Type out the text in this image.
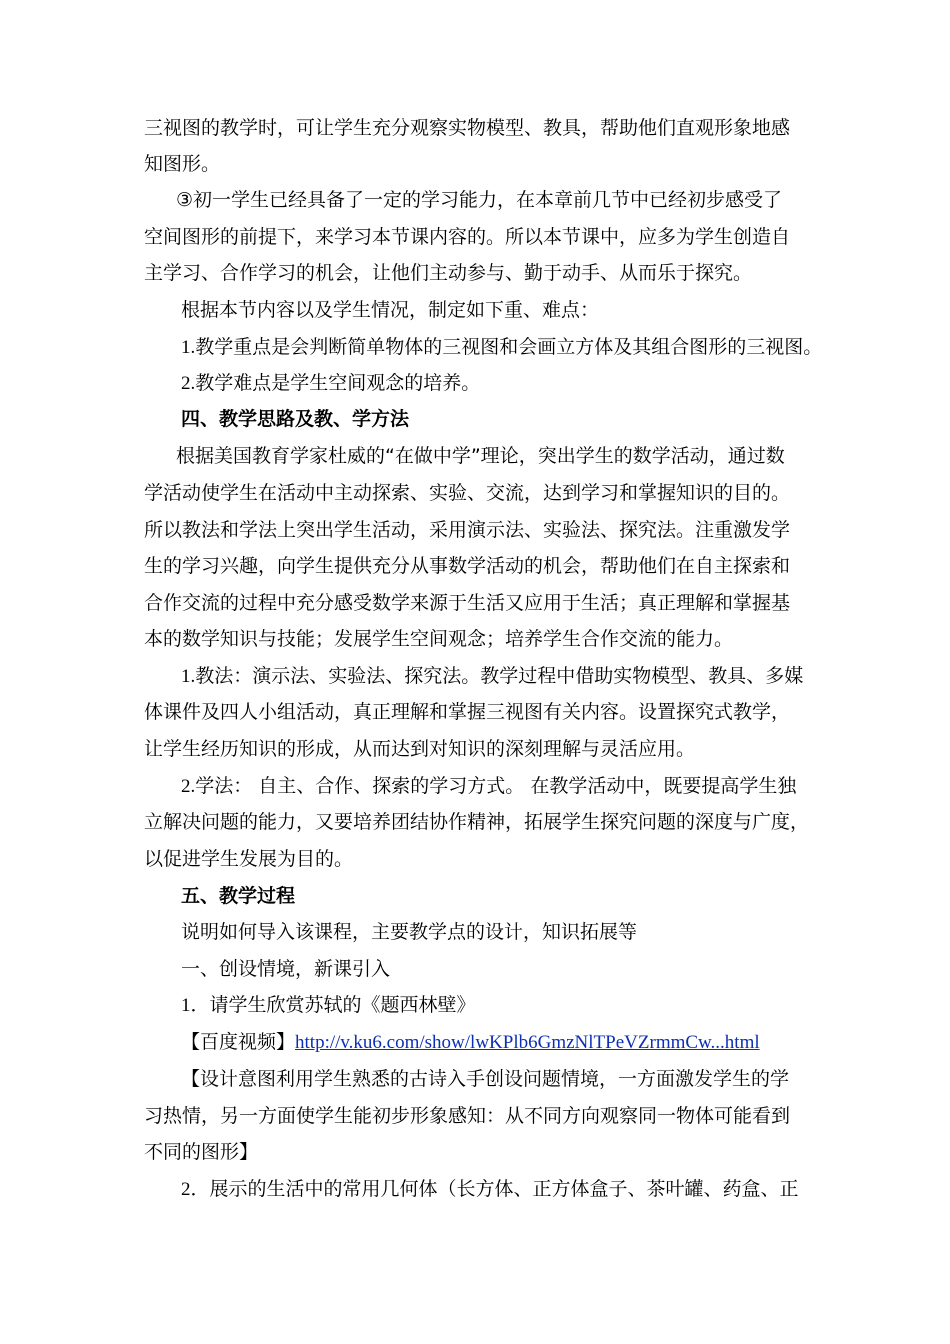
三视图的教学时，可让学生充分观察实物模型、教具，帮助他们直观形象地感
知图形。
③初一学生已经具备了一定的学习能力，在本章前几节中已经初步感受了
空间图形的前提下，来学习本节课内容的。所以本节课中，应多为学生创造自
主学习、合作学习的机会，让他们主动参与、勤于动手、从而乐于探究。
根据本节内容以及学生情况，制定如下重、难点：
1.教学重点是会判断简单物体的三视图和会画立方体及其组合图形的三视图。
2.教学难点是学生空间观念的培养。
四、教学思路及教、学方法
根据美国教育学家杜威的“在做中学”理论，突出学生的数学活动，通过数
学活动使学生在活动中主动探索、实验、交流，达到学习和掌握知识的目的。
所以教法和学法上突出学生活动，采用演示法、实验法、探究法。注重激发学
生的学习兴趣，向学生提供充分从事数学活动的机会，帮助他们在自主探索和
合作交流的过程中充分感受数学来源于生活又应用于生活；真正理解和掌握基
本的数学知识与技能；发展学生空间观念；培养学生合作交流的能力。
1.教法：演示法、实验法、探究法。教学过程中借助实物模型、教具、多媒
体课件及四人小组活动，真正理解和掌握三视图有关内容。设置探究式教学，
让学生经历知识的形成，从而达到对知识的深刻理解与灵活应用。
2.学法： 自主、合作、探索的学习方式。 在教学活动中，既要提高学生独
立解决问题的能力，又要培养团结协作精神，拓展学生探究问题的深度与广度，
以促进学生发展为目的。
五、教学过程
说明如何导入该课程，主要教学点的设计，知识拓展等
一、创设情境，新课引入
1．请学生欣赏苏轼的《题西林壁》
【百度视频】http://v.ku6.com/show/lwKPlb6GmzNlTPeVZrmmCw...html
【设计意图利用学生熟悉的古诗入手创设问题情境，一方面激发学生的学
习热情，另一方面使学生能初步形象感知：从不同方向观察同一物体可能看到
不同的图形】
2．展示的生活中的常用几何体（长方体、正方体盒子、茶叶罐、药盒、正
